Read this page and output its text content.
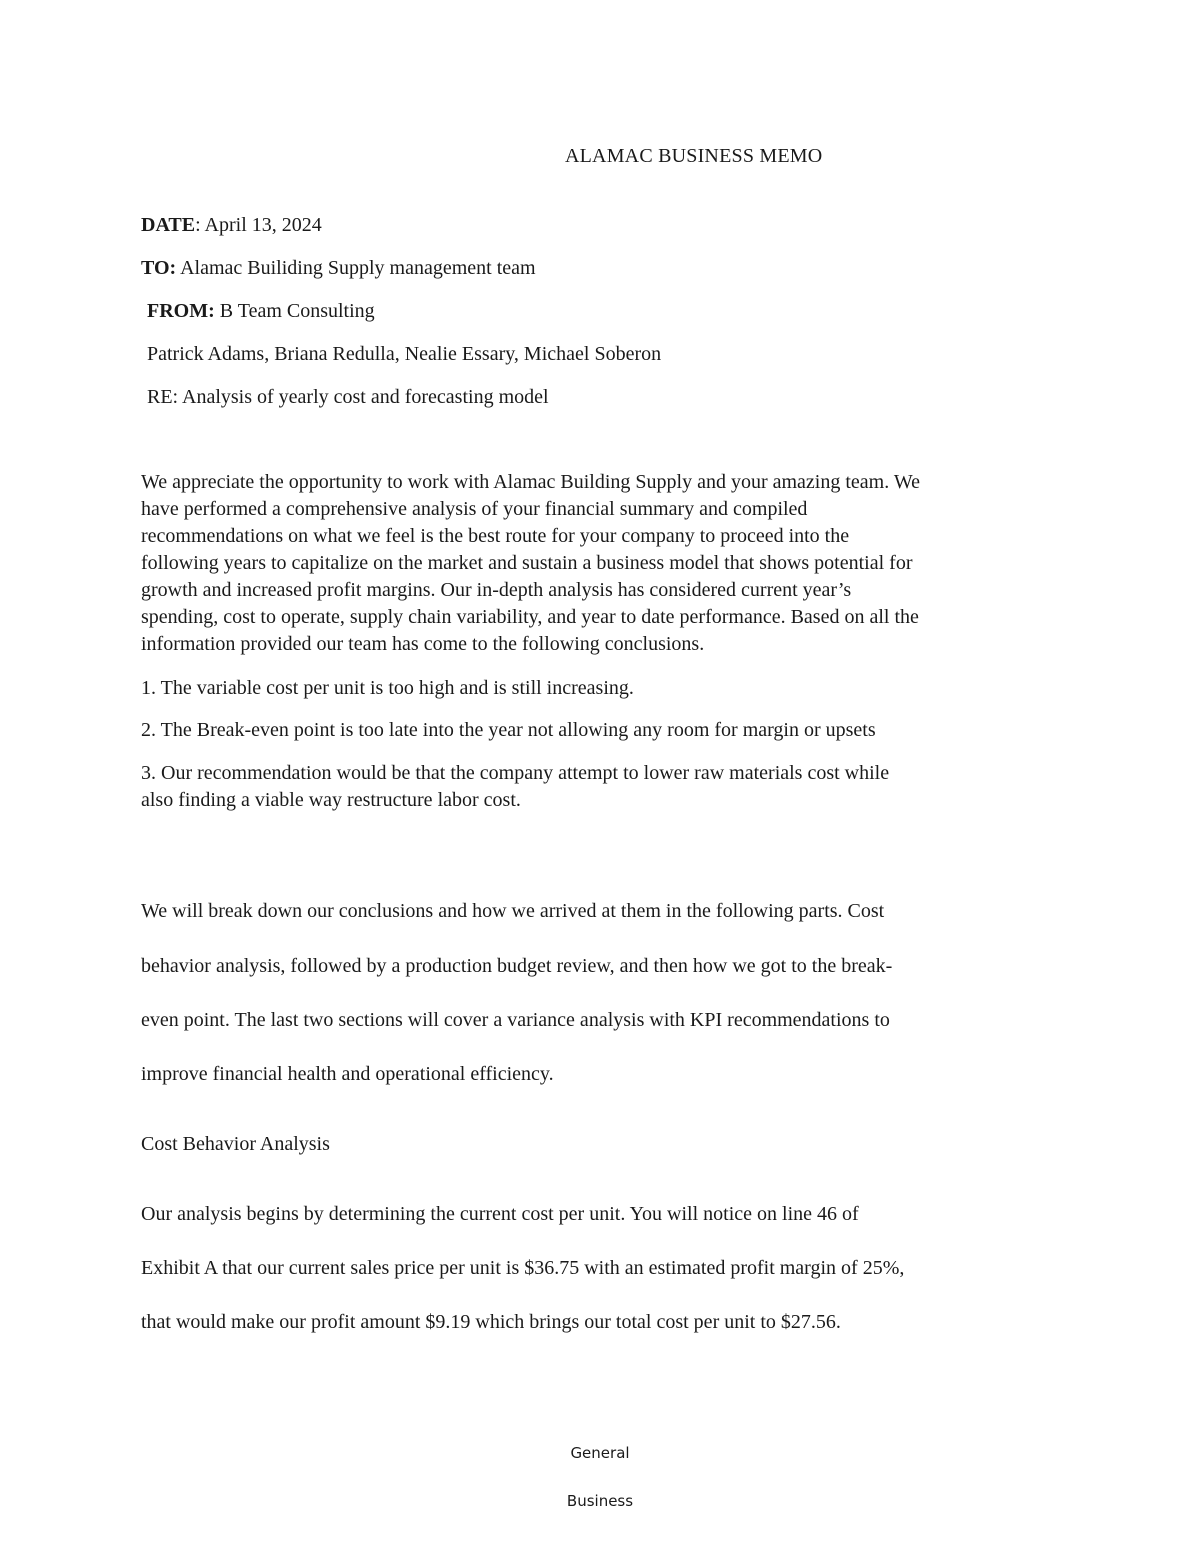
ALAMAC BUSINESS MEMO
DATE: April 13, 2024
TO: Alamac Builiding Supply management team
FROM: B Team Consulting
Patrick Adams, Briana Redulla, Nealie Essary, Michael Soberon
RE: Analysis of yearly cost and forecasting model
We appreciate the opportunity to work with Alamac Building Supply and your amazing team. We
have performed a comprehensive analysis of your financial summary and compiled
recommendations on what we feel is the best route for your company to proceed into the
following years to capitalize on the market and sustain a business model that shows potential for
growth and increased profit margins. Our in-depth analysis has considered current year’s
spending, cost to operate, supply chain variability, and year to date performance. Based on all the
information provided our team has come to the following conclusions.
1. The variable cost per unit is too high and is still increasing.
2. The Break-even point is too late into the year not allowing any room for margin or upsets
3. Our recommendation would be that the company attempt to lower raw materials cost while
also finding a viable way restructure labor cost.
We will break down our conclusions and how we arrived at them in the following parts. Cost
behavior analysis, followed by a production budget review, and then how we got to the break-
even point. The last two sections will cover a variance analysis with KPI recommendations to
improve financial health and operational efficiency.
Cost Behavior Analysis
Our analysis begins by determining the current cost per unit. You will notice on line 46 of
Exhibit A that our current sales price per unit is $36.75 with an estimated profit margin of 25%,
that would make our profit amount $9.19 which brings our total cost per unit to $27.56.
General
Business
